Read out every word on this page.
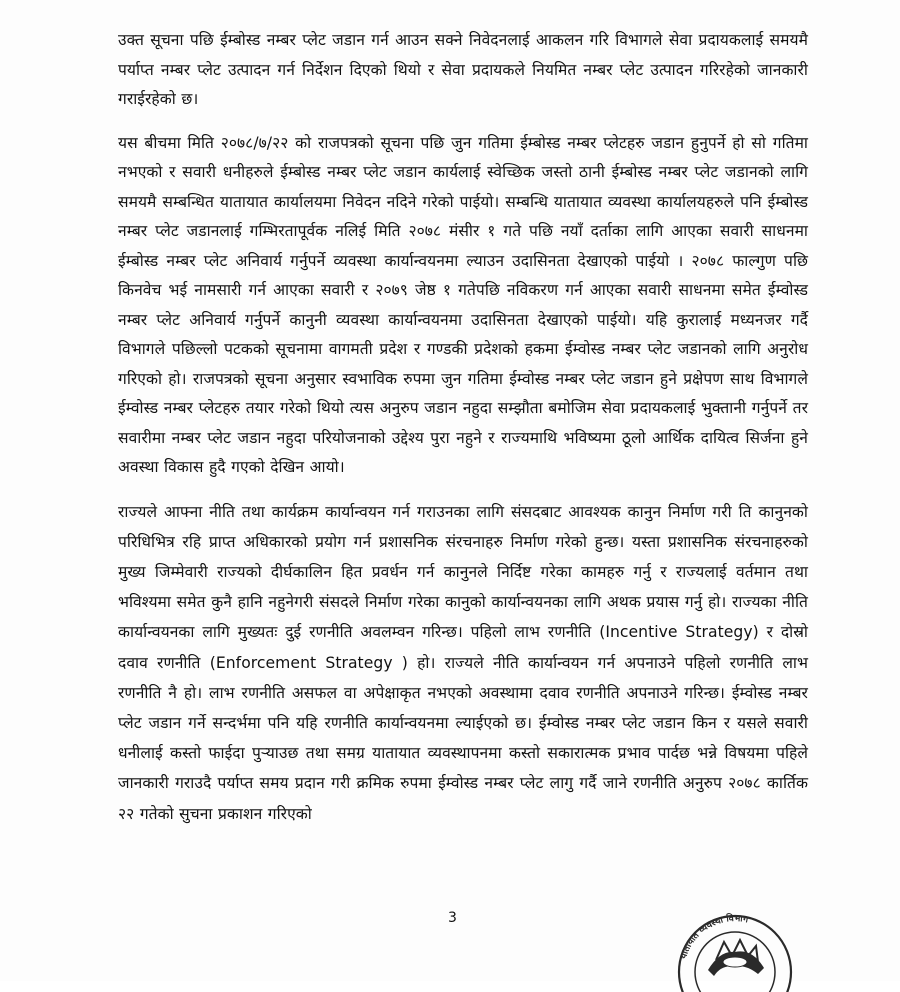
उक्त सूचना पछि ईम्बोस्ड नम्बर प्लेट जडान गर्न आउन सक्ने निवेदनलाई आकलन गरि विभागले सेवा प्रदायकलाई समयमै पर्याप्त नम्बर प्लेट उत्पादन गर्न निर्देशन दिएको थियो र सेवा प्रदायकले नियमित नम्बर प्लेट उत्पादन गरिरहेको जानकारी गराईरहेको छ।

यस बीचमा मिति २०७८/७/२२ को राजपत्रको सूचना पछि जुन गतिमा ईम्बोस्ड नम्बर प्लेटहरु जडान हुनुपर्ने हो सो गतिमा नभएको र सवारी धनीहरुले ईम्बोस्ड नम्बर प्लेट जडान कार्यलाई स्वेच्छिक जस्तो ठानी ईम्बोस्ड नम्बर प्लेट जडानको लागि समयमै सम्बन्धित यातायात कार्यालयमा निवेदन नदिने गरेको पाईयो। सम्बन्धि यातायात व्यवस्था कार्यालयहरुले पनि ईम्बोस्ड नम्बर प्लेट जडानलाई गम्भिरतापूर्वक नलिई मिति २०७८ मंसीर १ गते पछि नयाँ दर्ताका लागि आएका सवारी साधनमा ईम्बोस्ड नम्बर प्लेट अनिवार्य गर्नुपर्ने व्यवस्था कार्यान्वयनमा ल्याउन उदासिनता देखाएको पाईयो । २०७८ फाल्गुण पछि किनवेच भई नामसारी गर्न आएका सवारी र २०७९ जेष्ठ १ गतेपछि नविकरण गर्न आएका सवारी साधनमा समेत ईम्वोस्ड नम्बर प्लेट अनिवार्य गर्नुपर्ने कानुनी व्यवस्था कार्यान्वयनमा उदासिनता देखाएको पाईयो। यहि कुरालाई मध्यनजर गर्दै विभागले पछिल्लो पटकको सूचनामा वागमती प्रदेश र गण्डकी प्रदेशको हकमा ईम्वोस्ड नम्बर प्लेट जडानको लागि अनुरोध गरिएको हो। राजपत्रको सूचना अनुसार स्वभाविक रुपमा जुन गतिमा ईम्वोस्ड नम्बर प्लेट जडान हुने प्रक्षेपण साथ विभागले ईम्वोस्ड नम्बर प्लेटहरु तयार गरेको थियो त्यस अनुरुप जडान नहुदा सम्झौता बमोजिम सेवा प्रदायकलाई भुक्तानी गर्नुपर्ने तर सवारीमा नम्बर प्लेट जडान नहुदा परियोजनाको उद्देश्य पुरा नहुने र राज्यमाथि भविष्यमा ठूलो आर्थिक दायित्व सिर्जना हुने अवस्था विकास हुदै गएको देखिन आयो।

राज्यले आफ्ना नीति तथा कार्यक्रम कार्यान्वयन गर्न गराउनका लागि संसदबाट आवश्यक कानुन निर्माण गरी ति कानुनको परिधिभित्र रहि प्राप्त अधिकारको प्रयोग गर्न प्रशासनिक संरचनाहरु निर्माण गरेको हुन्छ। यस्ता प्रशासनिक संरचनाहरुको मुख्य जिम्मेवारी राज्यको दीर्घकालिन हित प्रवर्धन गर्न कानुनले निर्दिष्ट गरेका कामहरु गर्नु र राज्यलाई वर्तमान तथा भविश्यमा समेत कुनै हानि नहुनेगरी संसदले निर्माण गरेका कानुको कार्यान्वयनका लागि अथक प्रयास गर्नु हो। राज्यका नीति कार्यान्वयनका लागि मुख्यतः दुई रणनीति अवलम्वन गरिन्छ। पहिलो लाभ रणनीति (Incentive Strategy) र दोस्रो दवाव रणनीति (Enforcement Strategy ) हो। राज्यले नीति कार्यान्वयन गर्न अपनाउने पहिलो रणनीति लाभ रणनीति नै हो। लाभ रणनीति असफल वा अपेक्षाकृत नभएको अवस्थामा दवाव रणनीति अपनाउने गरिन्छ। ईम्वोस्ड नम्बर प्लेट जडान गर्ने सन्दर्भमा पनि यहि रणनीति कार्यान्वयनमा ल्याईएको छ। ईम्वोस्ड नम्बर प्लेट जडान किन र यसले सवारी धनीलाई कस्तो फाईदा पुर्‍याउछ तथा समग्र यातायात व्यवस्थापनमा कस्तो सकारात्मक प्रभाव पार्दछ भन्ने विषयमा पहिले जानकारी गराउदै पर्याप्त समय प्रदान गरी क्रमिक रुपमा ईम्वोस्ड नम्बर प्लेट लागु गर्दै जाने रणनीति अनुरुप २०७८ कार्तिक २२ गतेको सुचना प्रकाशन गरिएको

3
यातायात व्यवस्था विभाग
